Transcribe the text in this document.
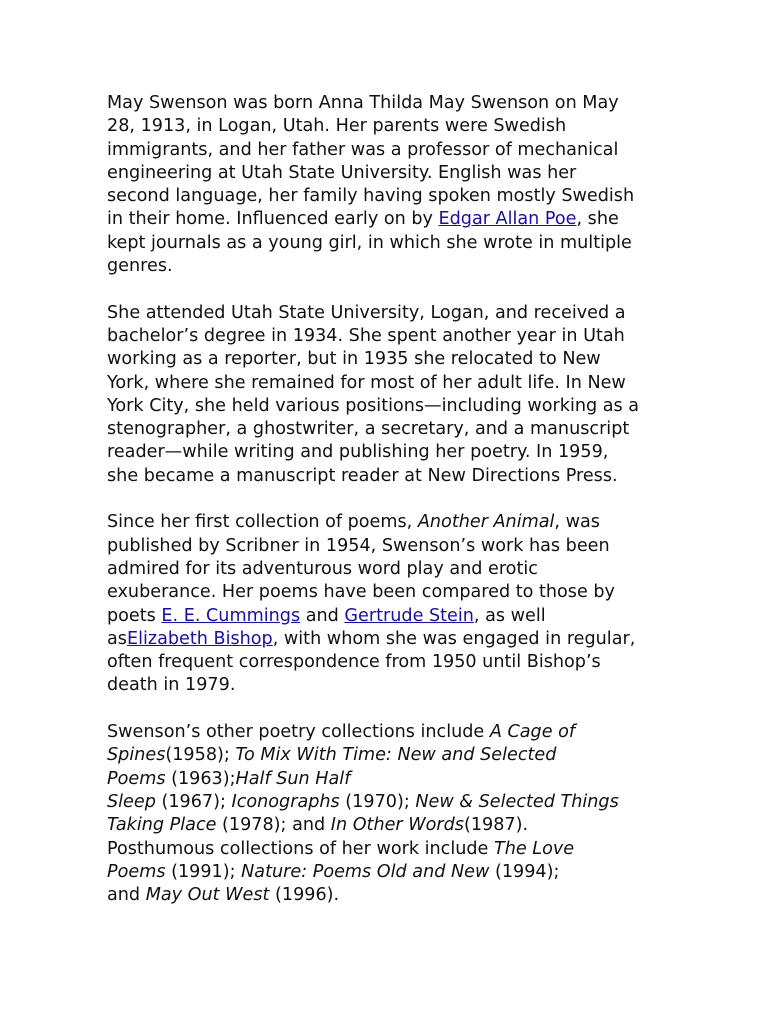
May Swenson was born Anna Thilda May Swenson on May
28, 1913, in Logan, Utah. Her parents were Swedish
immigrants, and her father was a professor of mechanical
engineering at Utah State University. English was her
second language, her family having spoken mostly Swedish
in their home. Influenced early on by Edgar Allan Poe, she
kept journals as a young girl, in which she wrote in multiple
genres.

She attended Utah State University, Logan, and received a
bachelor’s degree in 1934. She spent another year in Utah
working as a reporter, but in 1935 she relocated to New
York, where she remained for most of her adult life. In New
York City, she held various positions—including working as a
stenographer, a ghostwriter, a secretary, and a manuscript
reader—while writing and publishing her poetry. In 1959,
she became a manuscript reader at New Directions Press.

Since her first collection of poems, Another Animal, was
published by Scribner in 1954, Swenson’s work has been
admired for its adventurous word play and erotic
exuberance. Her poems have been compared to those by
poets E. E. Cummings and Gertrude Stein, as well
asElizabeth Bishop, with whom she was engaged in regular,
often frequent correspondence from 1950 until Bishop’s
death in 1979.

Swenson’s other poetry collections include A Cage of
Spines(1958); To Mix With Time: New and Selected
Poems (1963);Half Sun Half
Sleep (1967); Iconographs (1970); New & Selected Things
Taking Place (1978); and In Other Words(1987).
Posthumous collections of her work include The Love
Poems (1991); Nature: Poems Old and New (1994);
and May Out West (1996).
